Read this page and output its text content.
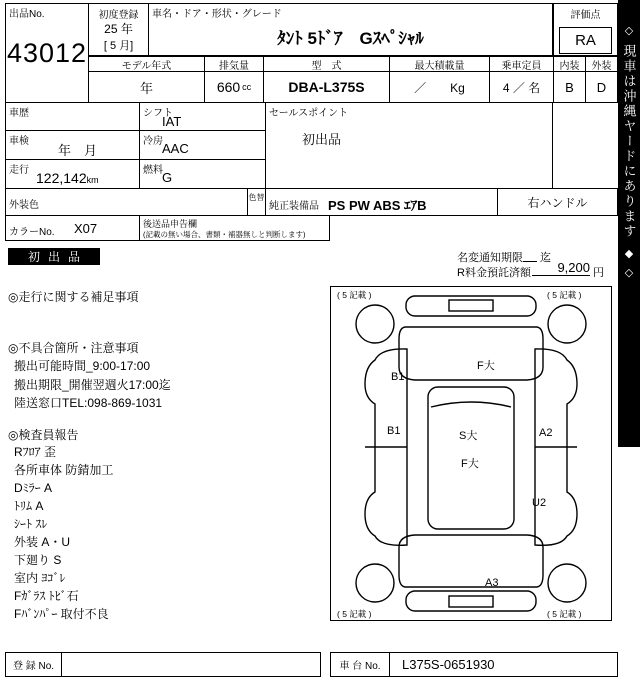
出品No.
43012
初度登録
25 年
[ 5 月]
車名・ドア・形状・グレード
ﾀﾝﾄ 5ﾄﾞｱ　Gｽﾍﾟｼｬﾙ
評価点
RA
モデル年式	排気量	型　式	最大積載量	乗車定員	内装	外装
年	660 cc	DBA-L375S	／　　Kg	4 ／ 名	B	D
車歴	シフト
IAT
車検
年　月
冷房 AAC
走行 122,142km
燃料 G
セールスポイント
初出品
外装色
色替
純正装備品 PS PW ABS ｴｱB	右ハンドル
カラーNo. X07	後送品申告欄
(記載の無い場合、書類・補器無しと判断します)
初出品	名変通知期限 迄
R料金預託済額	9,200 円
◎走行に関する補足事項
◎不具合箇所・注意事項
搬出可能時間_9:00-17:00
搬出期限_開催翌週火17:00迄
陸送窓口TEL:098-869-1031
◎検査員報告
Rﾌﾛｱ 歪
各所車体 防錆加工
Dﾐﾗｰ A
ﾄﾘﾑ A
ｼｰﾄ ｽﾚ
外装 A・U
下廻り S
室内 ﾖｺﾞﾚ
Fｶﾞﾗｽ ﾄﾋﾞ石
Fﾊﾞﾝﾊﾟｰ 取付不良
( 5 記載 )	( 5 記載 )
( 5 記載 )	( 5 記載 )
B1
F大
B1	S大	A2
F大
U2
A3
登 録 No.	車 台 No.	L375S-0651930
◇
現車は沖縄ヤードにあります
◆
◇
